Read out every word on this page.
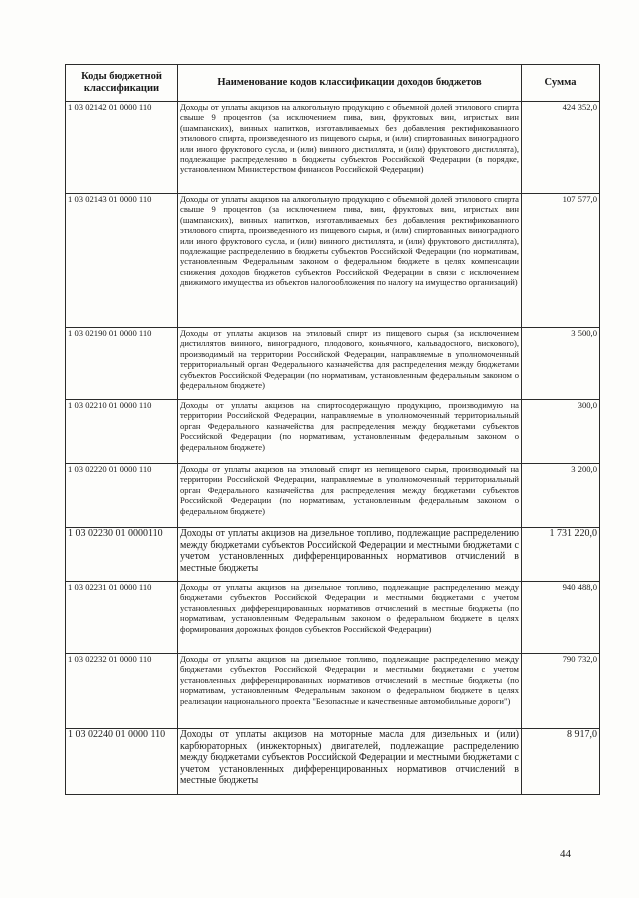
Коды бюджетной классификации	Наименование кодов классификации доходов бюджетов	Сумма
1 03 02142 01 0000 110	Доходы от уплаты акцизов на алкогольную продукцию с объемной долей этилового спирта свыше 9 процентов (за исключением пива, вин, фруктовых вин, игристых вин (шампанских), винных напитков, изготавливаемых без добавления ректификованного этилового спирта, произведенного из пищевого сырья, и (или) спиртованных виноградного или иного фруктового сусла, и (или) винного дистиллята, и (или) фруктового дистиллята), подлежащие распределению в бюджеты субъектов Российской Федерации (в порядке, установленном Министерством финансов Российской Федерации)	424 352,0
1 03 02143 01 0000 110	Доходы от уплаты акцизов на алкогольную продукцию с объемной долей этилового спирта свыше 9 процентов (за исключением пива, вин, фруктовых вин, игристых вин (шампанских), винных напитков, изготавливаемых без добавления ректификованного этилового спирта, произведенного из пищевого сырья, и (или) спиртованных виноградного или иного фруктового сусла, и (или) винного дистиллята, и (или) фруктового дистиллята), подлежащие распределению в бюджеты субъектов Российской Федерации (по нормативам, установленным Федеральным законом о федеральном бюджете в целях компенсации снижения доходов бюджетов субъектов Российской Федерации в связи с исключением движимого имущества из объектов налогообложения по налогу на имущество организаций)	107 577,0
1 03 02190 01 0000 110	Доходы от уплаты акцизов на этиловый спирт из пищевого сырья (за исключением дистиллятов винного, виноградного, плодового, коньячного, кальвадосного, вискового), производимый на территории Российской Федерации, направляемые в уполномоченный территориальный орган Федерального казначейства для распределения между бюджетами субъектов Российской Федерации (по нормативам, установленным федеральным законом о федеральном бюджете)	3 500,0
1 03 02210 01 0000 110	Доходы от уплаты акцизов на спиртосодержащую продукцию, производимую на территории Российской Федерации, направляемые в уполномоченный территориальный орган Федерального казначейства для распределения между бюджетами субъектов Российской Федерации (по нормативам, установленным федеральным законом о федеральном бюджете)	300,0
1 03 02220 01 0000 110	Доходы от уплаты акцизов на этиловый спирт из непищевого сырья, производимый на территории Российской Федерации, направляемые в уполномоченный территориальный орган Федерального казначейства для распределения между бюджетами субъектов Российской Федерации (по нормативам, установленным федеральным законом о федеральном бюджете)	3 200,0
1 03 02230 01 0000110	Доходы от уплаты акцизов на дизельное топливо, подлежащие распределению между бюджетами субъектов Российской Федерации и местными бюджетами с учетом установленных дифференцированных нормативов отчислений в местные бюджеты	1 731 220,0
1 03 02231 01 0000 110	Доходы от уплаты акцизов на дизельное топливо, подлежащие распределению между бюджетами субъектов Российской Федерации и местными бюджетами с учетом установленных дифференцированных нормативов отчислений в местные бюджеты (по нормативам, установленным Федеральным законом о федеральном бюджете в целях формирования дорожных фондов субъектов Российской Федерации)	940 488,0
1 03 02232 01 0000 110	Доходы от уплаты акцизов на дизельное топливо, подлежащие распределению между бюджетами субъектов Российской Федерации и местными бюджетами с учетом установленных дифференцированных нормативов отчислений в местные бюджеты (по нормативам, установленным Федеральным законом о федеральном бюджете в целях реализации национального проекта "Безопасные и качественные автомобильные дороги")	790 732,0
1 03 02240 01 0000 110	Доходы от уплаты акцизов на моторные масла для дизельных и (или) карбюраторных (инжекторных) двигателей, подлежащие распределению между бюджетами субъектов Российской Федерации и местными бюджетами с учетом установленных дифференцированных нормативов отчислений в местные бюджеты	8 917,0
44
